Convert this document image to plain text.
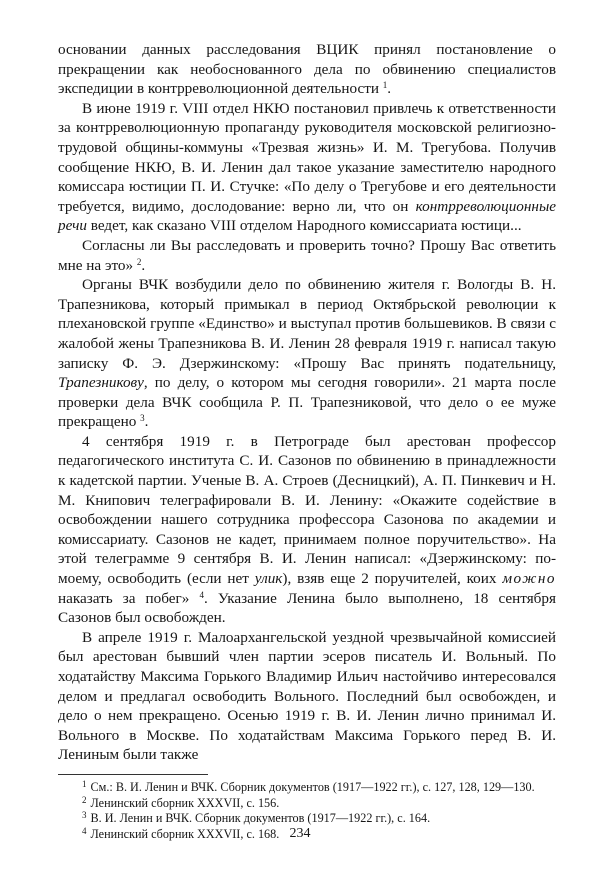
основании данных расследования ВЦИК принял постановление о прекращении как необоснованного дела по обвинению специалистов экспедиции в контрреволюционной деятельности $^1$.

В июне 1919 г. VIII отдел НКЮ постановил привлечь к ответственности за контрреволюционную пропаганду руководителя московской религиозно-трудовой общины-коммуны «Трезвая жизнь» И. М. Трегубова. Получив сообщение НКЮ, В. И. Ленин дал такое указание заместителю народного комиссара юстиции П. И. Стучке: «По делу о Трегубове и его деятельности требуется, видимо, дослoдование: верно ли, что он контрреволюционные речи ведет, как сказано VIII отделом Народного комиссариата юстици...

Согласны ли Вы расследовать и проверить точно? Прошу Вас ответить мне на это» $^2$.

Органы ВЧК возбудили дело по обвинению жителя г. Вологды В. Н. Трапезникова, который примыкал в период Октябрьской революции к плехановской группе «Единство» и выступал против большевиков. В связи с жалобой жены Трапезникова В. И. Ленин 28 февраля 1919 г. написал такую записку Ф. Э. Дзержинскому: «Прошу Вас принять подательницу, Трапезникову, по делу, о котором мы сегодня говорили». 21 марта после проверки дела ВЧК сообщила Р. П. Трапезниковой, что дело о ее муже прекращено $^3$.

4 сентября 1919 г. в Петрограде был арестован профессор педагогического института С. И. Сазонов по обвинению в принадлежности к кадетской партии. Ученые В. А. Строев (Десницкий), А. П. Пинкевич и Н. М. Книпович телеграфировали В. И. Ленину: «Окажите содействие в освобождении нашего сотрудника профессора Сазонова по академии и комиссариату. Сазонов не кадет, принимаем полное поручительство». На этой телеграмме 9 сентября В. И. Ленин написал: «Дзержинскому: по-моему, освободить (если нет улик), взяв еще 2 поручителей, коих можно наказать за побег» $^4$. Указание Ленина было выполнено, 18 сентября Сазонов был освобожден.

В апреле 1919 г. Малоархангельской уездной чрезвычайной комиссией был арестован бывший член партии эсеров писатель И. Вольный. По ходатайству Максима Горького Владимир Ильич настойчиво интересовался делом и предлагал освободить Вольного. Последний был освобожден, и дело о нем прекращено. Осенью 1919 г. В. И. Ленин лично принимал И. Вольного в Москве. По ходатайствам Максима Горького перед В. И. Лениным были также

$^1$ См.: В. И. Ленин и ВЧК. Сборник документов (1917—1922 гг.), с. 127, 128, 129—130.

$^2$ Ленинский сборник XXXVII, с. 156.

$^3$ В. И. Ленин и ВЧК. Сборник документов (1917—1922 гг.), с. 164.

$^4$ Ленинский сборник XXXVII, с. 168. 234
